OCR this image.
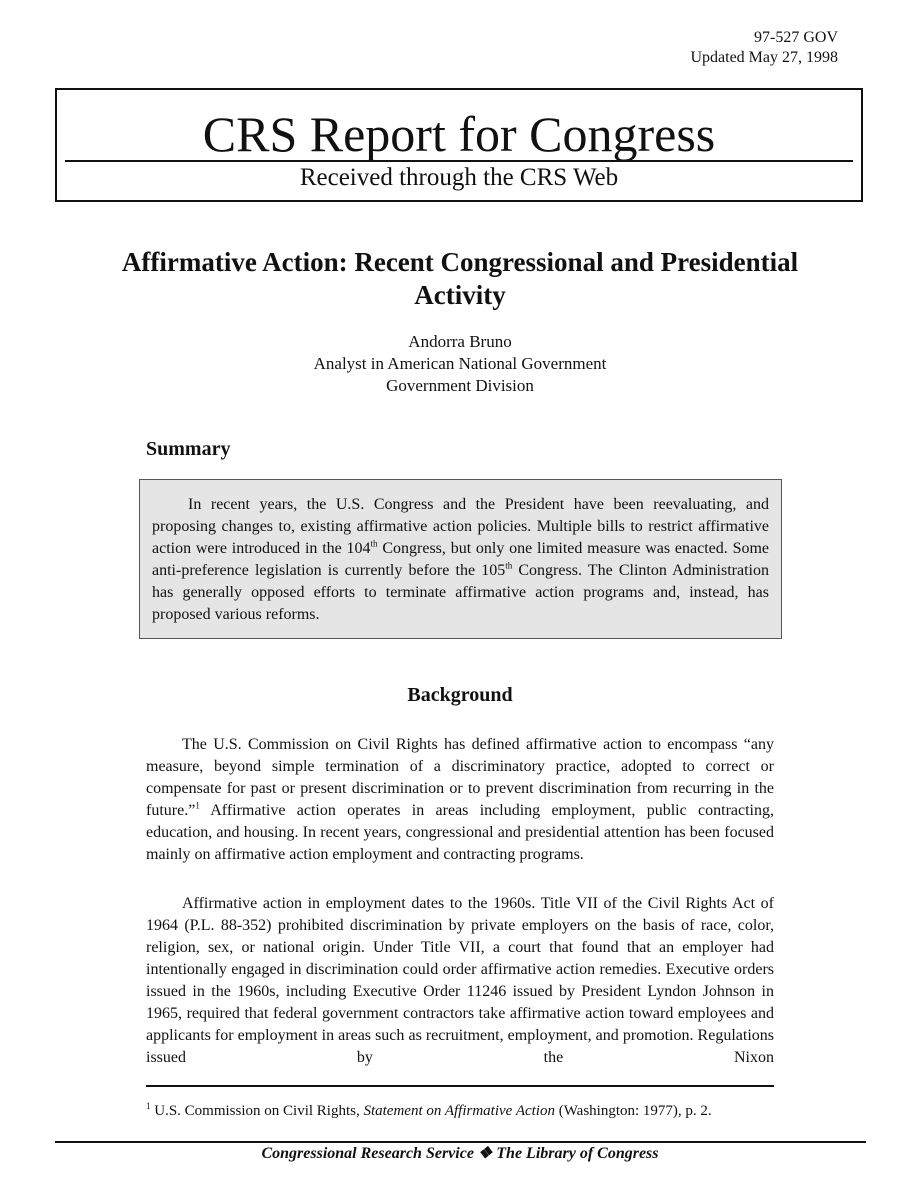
97-527 GOV
Updated May 27, 1998
CRS Report for Congress
Received through the CRS Web
Affirmative Action: Recent Congressional and Presidential Activity
Andorra Bruno
Analyst in American National Government
Government Division
Summary

In recent years, the U.S. Congress and the President have been reevaluating, and proposing changes to, existing affirmative action policies. Multiple bills to restrict affirmative action were introduced in the 104th Congress, but only one limited measure was enacted. Some anti-preference legislation is currently before the 105th Congress. The Clinton Administration has generally opposed efforts to terminate affirmative action programs and, instead, has proposed various reforms.

Background

The U.S. Commission on Civil Rights has defined affirmative action to encompass “any measure, beyond simple termination of a discriminatory practice, adopted to correct or compensate for past or present discrimination or to prevent discrimination from recurring in the future.”$^1$ Affirmative action operates in areas including employment, public contracting, education, and housing. In recent years, congressional and presidential attention has been focused mainly on affirmative action employment and contracting programs.

Affirmative action in employment dates to the 1960s. Title VII of the Civil Rights Act of 1964 (P.L. 88-352) prohibited discrimination by private employers on the basis of race, color, religion, sex, or national origin. Under Title VII, a court that found that an employer had intentionally engaged in discrimination could order affirmative action remedies. Executive orders issued in the 1960s, including Executive Order 11246 issued by President Lyndon Johnson in 1965, required that federal government contractors take affirmative action toward employees and applicants for employment in areas such as recruitment, employment, and promotion. Regulations issued by the Nixon

$^1$ U.S. Commission on Civil Rights, Statement on Affirmative Action (Washington: 1977), p. 2.
Congressional Research Service ❖ The Library of Congress
